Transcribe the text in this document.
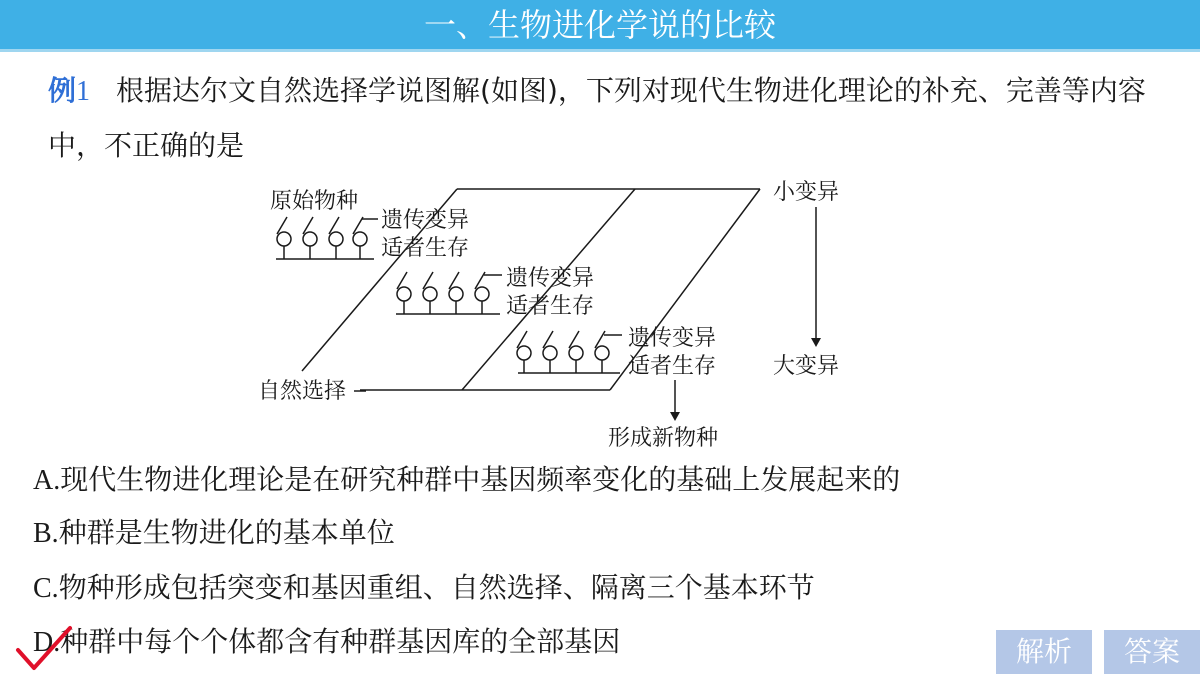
一、生物进化学说的比较
例1 根据达尔文自然选择学说图解(如图)，下列对现代生物进化理论的补充、完善等内容中，不正确的是
原始物种
遗传变异
适者生存
遗传变异
适者生存
遗传变异
适者生存
自然选择
形成新物种
小变异
大变异
A.现代生物进化理论是在研究种群中基因频率变化的基础上发展起来的
B.种群是生物进化的基本单位
C.物种形成包括突变和基因重组、自然选择、隔离三个基本环节
D.种群中每个个体都含有种群基因库的全部基因	解析	答案
